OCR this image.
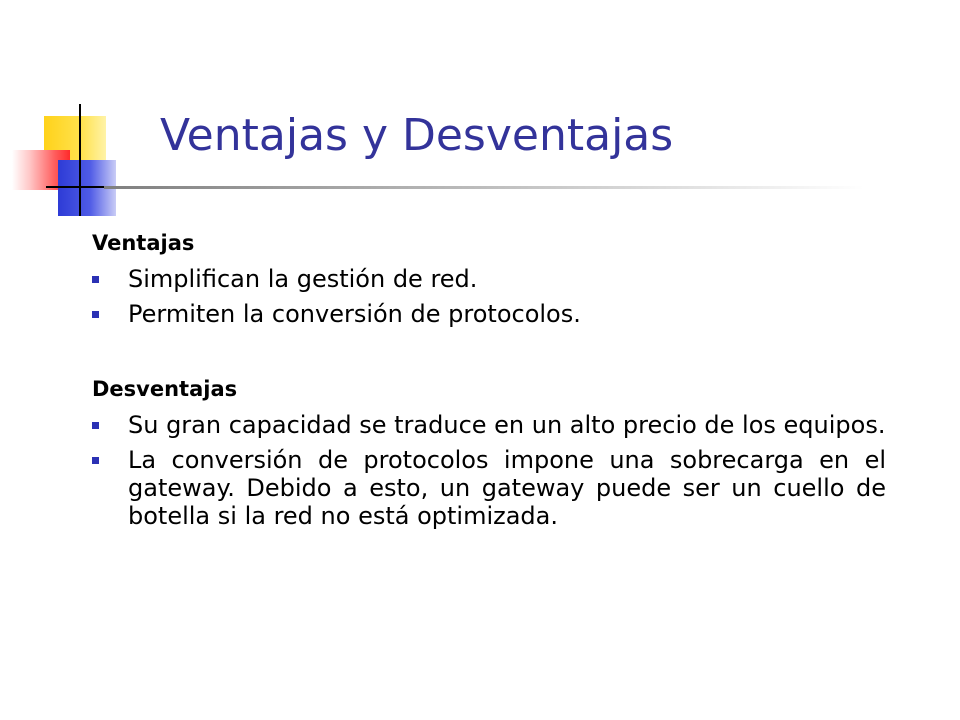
Ventajas y Desventajas

Ventajas

Simplifican la gestión de red.
Permiten la conversión de protocolos.

Desventajas

Su gran capacidad se traduce en un alto precio de los equipos.
La conversión de protocolos impone una sobrecarga en el gateway. Debido a esto, un gateway puede ser un cuello de botella si la red no está optimizada.
